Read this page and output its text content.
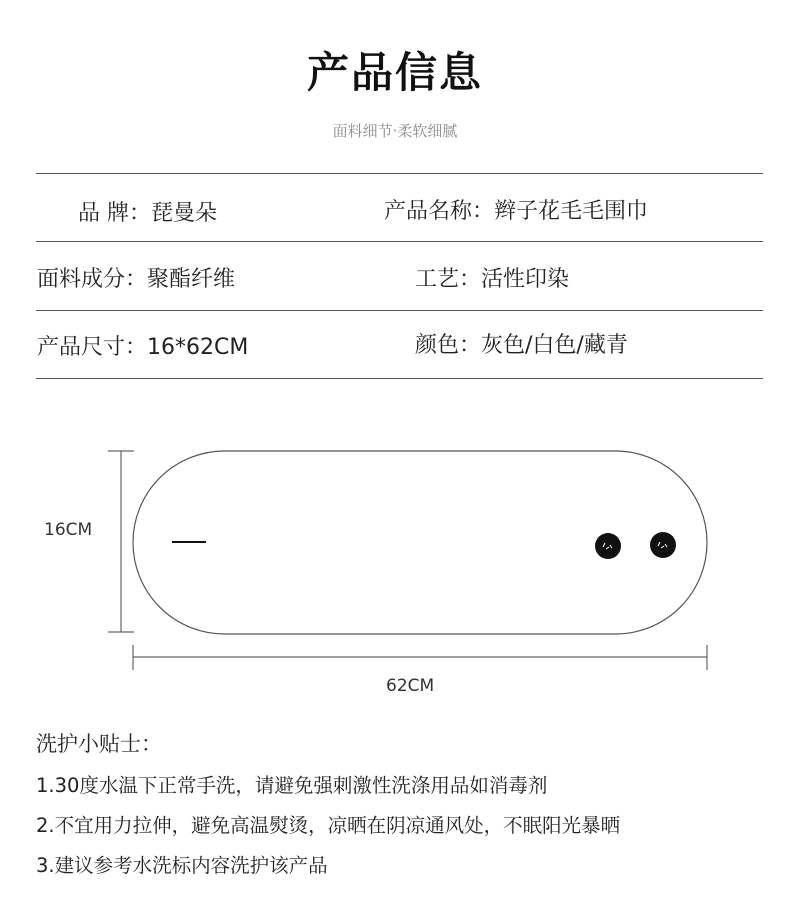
产品信息
面料细节·柔软细腻
品 牌：琵曼朵	产品名称：辫子花毛毛围巾
面料成分：聚酯纤维	工艺：活性印染
产品尺寸：16*62CM	颜色：灰色/白色/藏青
16CM
62CM
洗护小贴士：
1.30度水温下正常手洗，请避免强刺激性洗涤用品如消毒剂
2.不宜用力拉伸，避免高温熨烫，凉晒在阴凉通风处，不眠阳光暴晒
3.建议参考水洗标内容洗护该产品
